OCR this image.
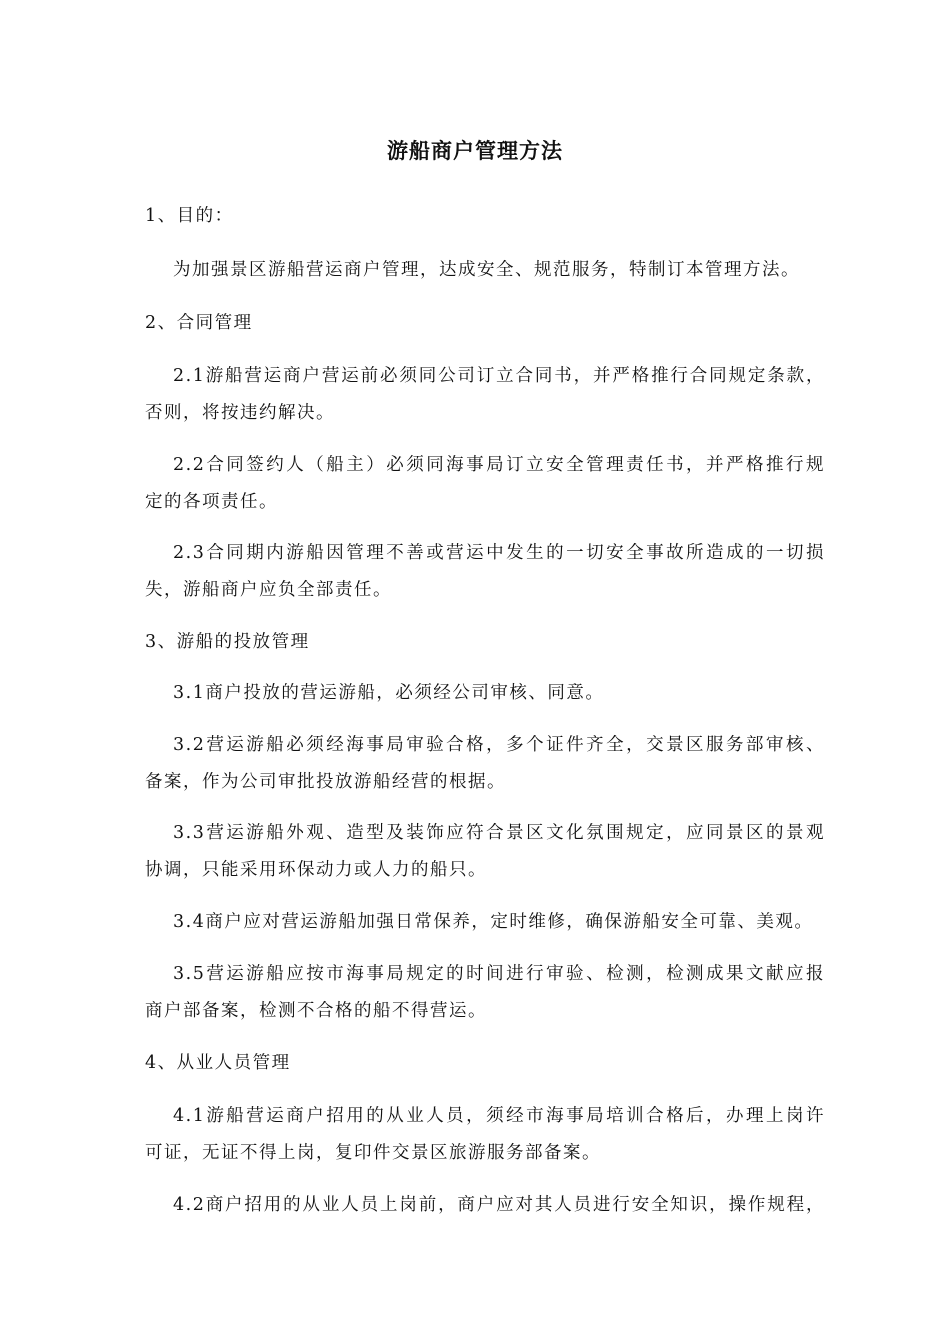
游船商户管理方法
1、目的：
为加强景区游船营运商户管理，达成安全、规范服务，特制订本管理方法。
2、合同管理
2.1游船营运商户营运前必须同公司订立合同书，并严格推行合同规定条款，
否则，将按违约解决。
2.2合同签约人（船主）必须同海事局订立安全管理责任书，并严格推行规
定的各项责任。
2.3合同期内游船因管理不善或营运中发生的一切安全事故所造成的一切损
失，游船商户应负全部责任。
3、游船的投放管理
3.1商户投放的营运游船，必须经公司审核、同意。
3.2营运游船必须经海事局审验合格，多个证件齐全，交景区服务部审核、
备案，作为公司审批投放游船经营的根据。
3.3营运游船外观、造型及装饰应符合景区文化氛围规定，应同景区的景观
协调，只能采用环保动力或人力的船只。
3.4商户应对营运游船加强日常保养，定时维修，确保游船安全可靠、美观。
3.5营运游船应按市海事局规定的时间进行审验、检测，检测成果文献应报
商户部备案，检测不合格的船不得营运。
4、从业人员管理
4.1游船营运商户招用的从业人员，须经市海事局培训合格后，办理上岗许
可证，无证不得上岗，复印件交景区旅游服务部备案。
4.2商户招用的从业人员上岗前，商户应对其人员进行安全知识，操作规程，
